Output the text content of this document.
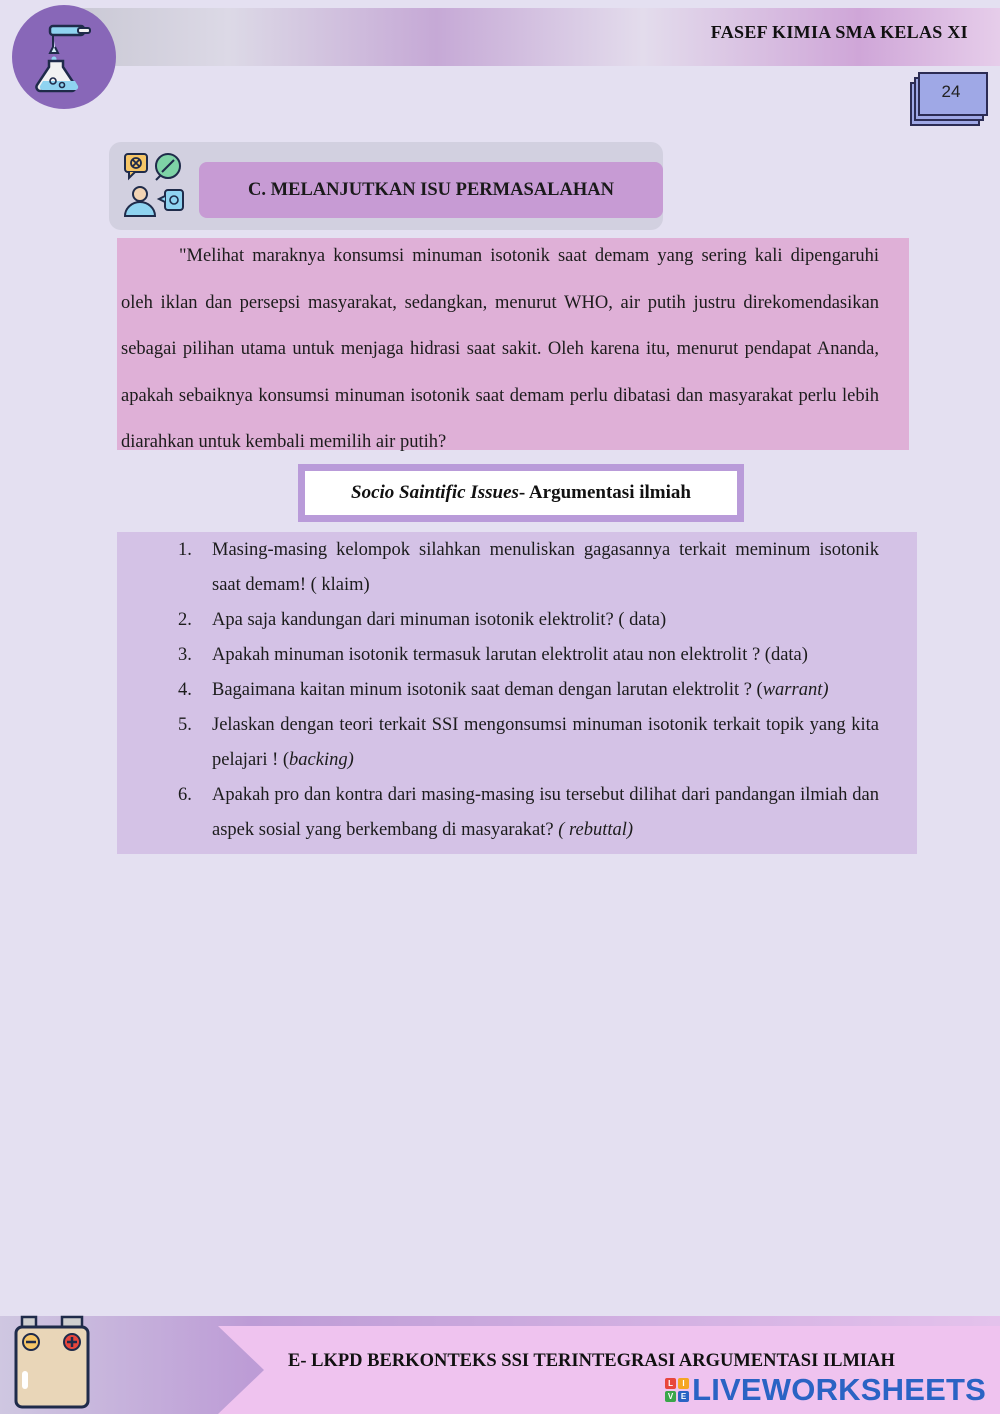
FASEF KIMIA SMA KELAS XI
24
C. MELANJUTKAN ISU PERMASALAHAN

"Melihat maraknya konsumsi minuman isotonik saat demam yang sering kali dipengaruhi oleh iklan dan persepsi masyarakat, sedangkan, menurut WHO, air putih justru direkomendasikan sebagai pilihan utama untuk menjaga hidrasi saat sakit. Oleh karena itu, menurut pendapat Ananda, apakah sebaiknya konsumsi minuman isotonik saat demam perlu dibatasi dan masyarakat perlu lebih diarahkan untuk kembali memilih air putih?

Socio Saintific Issues - Argumentasi ilmiah
1.	Masing-masing kelompok silahkan menuliskan gagasannya terkait meminum isotonik saat demam! ( klaim)
2.	Apa saja kandungan dari minuman isotonik elektrolit? ( data)
3.	Apakah minuman isotonik termasuk larutan elektrolit atau non elektrolit ? (data)
4.	Bagaimana kaitan minum isotonik saat deman dengan larutan elektrolit ? (warrant)
5.	Jelaskan dengan teori terkait SSI mengonsumsi minuman isotonik terkait topik yang kita pelajari ! (backing)
6.	Apakah pro dan kontra dari masing-masing isu tersebut dilihat dari pandangan ilmiah dan aspek sosial yang berkembang di masyarakat? ( rebuttal)
E- LKPD BERKONTEKS SSI TERINTEGRASI ARGUMENTASI ILMIAH
L	I
V E LIVEWORKSHEETS
